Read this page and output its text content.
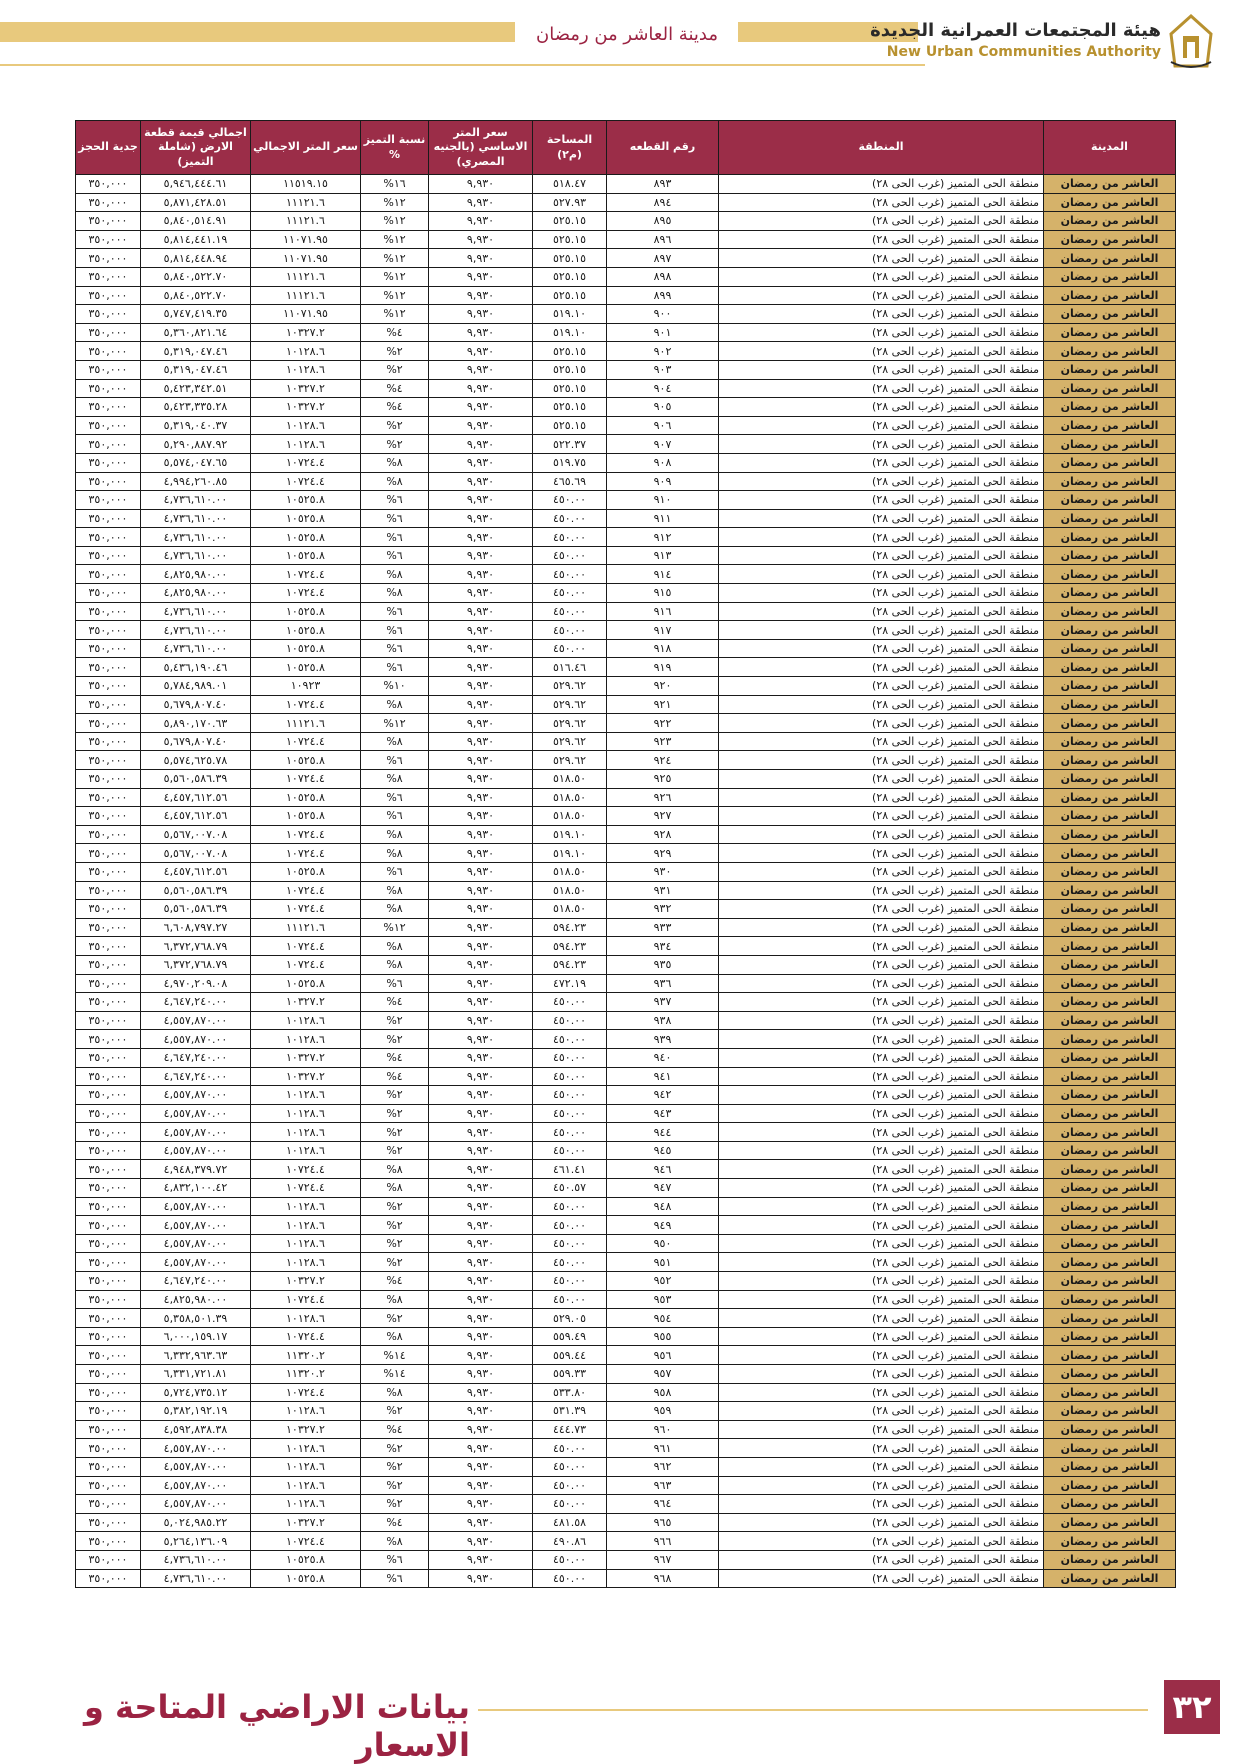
مدينة العاشر من رمضان	هيئة المجتمعات العمرانية الجديدة
New Urban Communities Authority
المدينة	المنطقة	رقم القطعه	المساحة (م٢)	سعر المتر الاساسي (بالجنيه المصري)	نسبة التميز %	سعر المتر الاجمالي	اجمالي قيمة قطعة الارض (شاملة التميز)	جدية الحجز
العاشر من رمضان	منطقة الحى المتميز (غرب الحى ٢٨)	٨٩٣	٥١٨.٤٧	٩,٩٣٠	١٦%	١١٥١٩.١٥	٥,٩٤٦,٤٤٤.٦١	٣٥٠,٠٠٠
العاشر من رمضان	منطقة الحى المتميز (غرب الحى ٢٨)	٨٩٤	٥٢٧.٩٣	٩,٩٣٠	١٢%	١١١٢١.٦	٥,٨٧١,٤٢٨.٥١	٣٥٠,٠٠٠
العاشر من رمضان	منطقة الحى المتميز (غرب الحى ٢٨)	٨٩٥	٥٢٥.١٥	٩,٩٣٠	١٢%	١١١٢١.٦	٥,٨٤٠,٥١٤.٩١	٣٥٠,٠٠٠
العاشر من رمضان	منطقة الحى المتميز (غرب الحى ٢٨)	٨٩٦	٥٢٥.١٥	٩,٩٣٠	١٢%	١١٠٧١.٩٥	٥,٨١٤,٤٤١.١٩	٣٥٠,٠٠٠
العاشر من رمضان	منطقة الحى المتميز (غرب الحى ٢٨)	٨٩٧	٥٢٥.١٥	٩,٩٣٠	١٢%	١١٠٧١.٩٥	٥,٨١٤,٤٤٨.٩٤	٣٥٠,٠٠٠
العاشر من رمضان	منطقة الحى المتميز (غرب الحى ٢٨)	٨٩٨	٥٢٥.١٥	٩,٩٣٠	١٢%	١١١٢١.٦	٥,٨٤٠,٥٢٢.٧٠	٣٥٠,٠٠٠
العاشر من رمضان	منطقة الحى المتميز (غرب الحى ٢٨)	٨٩٩	٥٢٥.١٥	٩,٩٣٠	١٢%	١١١٢١.٦	٥,٨٤٠,٥٢٢.٧٠	٣٥٠,٠٠٠
العاشر من رمضان	منطقة الحى المتميز (غرب الحى ٢٨)	٩٠٠	٥١٩.١٠	٩,٩٣٠	١٢%	١١٠٧١.٩٥	٥,٧٤٧,٤١٩.٣٥	٣٥٠,٠٠٠
العاشر من رمضان	منطقة الحى المتميز (غرب الحى ٢٨)	٩٠١	٥١٩.١٠	٩,٩٣٠	٤%	١٠٣٢٧.٢	٥,٣٦٠,٨٢١.٦٤	٣٥٠,٠٠٠
العاشر من رمضان	منطقة الحى المتميز (غرب الحى ٢٨)	٩٠٢	٥٢٥.١٥	٩,٩٣٠	٢%	١٠١٢٨.٦	٥,٣١٩,٠٤٧.٤٦	٣٥٠,٠٠٠
العاشر من رمضان	منطقة الحى المتميز (غرب الحى ٢٨)	٩٠٣	٥٢٥.١٥	٩,٩٣٠	٢%	١٠١٢٨.٦	٥,٣١٩,٠٤٧.٤٦	٣٥٠,٠٠٠
العاشر من رمضان	منطقة الحى المتميز (غرب الحى ٢٨)	٩٠٤	٥٢٥.١٥	٩,٩٣٠	٤%	١٠٣٢٧.٢	٥,٤٢٣,٣٤٢.٥١	٣٥٠,٠٠٠
العاشر من رمضان	منطقة الحى المتميز (غرب الحى ٢٨)	٩٠٥	٥٢٥.١٥	٩,٩٣٠	٤%	١٠٣٢٧.٢	٥,٤٢٣,٣٣٥.٢٨	٣٥٠,٠٠٠
العاشر من رمضان	منطقة الحى المتميز (غرب الحى ٢٨)	٩٠٦	٥٢٥.١٥	٩,٩٣٠	٢%	١٠١٢٨.٦	٥,٣١٩,٠٤٠.٣٧	٣٥٠,٠٠٠
العاشر من رمضان	منطقة الحى المتميز (غرب الحى ٢٨)	٩٠٧	٥٢٢.٣٧	٩,٩٣٠	٢%	١٠١٢٨.٦	٥,٢٩٠,٨٨٧.٩٢	٣٥٠,٠٠٠
العاشر من رمضان	منطقة الحى المتميز (غرب الحى ٢٨)	٩٠٨	٥١٩.٧٥	٩,٩٣٠	٨%	١٠٧٢٤.٤	٥,٥٧٤,٠٤٧.٦٥	٣٥٠,٠٠٠
العاشر من رمضان	منطقة الحى المتميز (غرب الحى ٢٨)	٩٠٩	٤٦٥.٦٩	٩,٩٣٠	٨%	١٠٧٢٤.٤	٤,٩٩٤,٢٦٠.٨٥	٣٥٠,٠٠٠
العاشر من رمضان	منطقة الحى المتميز (غرب الحى ٢٨)	٩١٠	٤٥٠.٠٠	٩,٩٣٠	٦%	١٠٥٢٥.٨	٤,٧٣٦,٦١٠.٠٠	٣٥٠,٠٠٠
العاشر من رمضان	منطقة الحى المتميز (غرب الحى ٢٨)	٩١١	٤٥٠.٠٠	٩,٩٣٠	٦%	١٠٥٢٥.٨	٤,٧٣٦,٦١٠.٠٠	٣٥٠,٠٠٠
العاشر من رمضان	منطقة الحى المتميز (غرب الحى ٢٨)	٩١٢	٤٥٠.٠٠	٩,٩٣٠	٦%	١٠٥٢٥.٨	٤,٧٣٦,٦١٠.٠٠	٣٥٠,٠٠٠
العاشر من رمضان	منطقة الحى المتميز (غرب الحى ٢٨)	٩١٣	٤٥٠.٠٠	٩,٩٣٠	٦%	١٠٥٢٥.٨	٤,٧٣٦,٦١٠.٠٠	٣٥٠,٠٠٠
العاشر من رمضان	منطقة الحى المتميز (غرب الحى ٢٨)	٩١٤	٤٥٠.٠٠	٩,٩٣٠	٨%	١٠٧٢٤.٤	٤,٨٢٥,٩٨٠.٠٠	٣٥٠,٠٠٠
العاشر من رمضان	منطقة الحى المتميز (غرب الحى ٢٨)	٩١٥	٤٥٠.٠٠	٩,٩٣٠	٨%	١٠٧٢٤.٤	٤,٨٢٥,٩٨٠.٠٠	٣٥٠,٠٠٠
العاشر من رمضان	منطقة الحى المتميز (غرب الحى ٢٨)	٩١٦	٤٥٠.٠٠	٩,٩٣٠	٦%	١٠٥٢٥.٨	٤,٧٣٦,٦١٠.٠٠	٣٥٠,٠٠٠
العاشر من رمضان	منطقة الحى المتميز (غرب الحى ٢٨)	٩١٧	٤٥٠.٠٠	٩,٩٣٠	٦%	١٠٥٢٥.٨	٤,٧٣٦,٦١٠.٠٠	٣٥٠,٠٠٠
العاشر من رمضان	منطقة الحى المتميز (غرب الحى ٢٨)	٩١٨	٤٥٠.٠٠	٩,٩٣٠	٦%	١٠٥٢٥.٨	٤,٧٣٦,٦١٠.٠٠	٣٥٠,٠٠٠
العاشر من رمضان	منطقة الحى المتميز (غرب الحى ٢٨)	٩١٩	٥١٦.٤٦	٩,٩٣٠	٦%	١٠٥٢٥.٨	٥,٤٣٦,١٩٠.٤٦	٣٥٠,٠٠٠
العاشر من رمضان	منطقة الحى المتميز (غرب الحى ٢٨)	٩٢٠	٥٢٩.٦٢	٩,٩٣٠	١٠%	١٠٩٢٣	٥,٧٨٤,٩٨٩.٠١	٣٥٠,٠٠٠
العاشر من رمضان	منطقة الحى المتميز (غرب الحى ٢٨)	٩٢١	٥٢٩.٦٢	٩,٩٣٠	٨%	١٠٧٢٤.٤	٥,٦٧٩,٨٠٧.٤٠	٣٥٠,٠٠٠
العاشر من رمضان	منطقة الحى المتميز (غرب الحى ٢٨)	٩٢٢	٥٢٩.٦٢	٩,٩٣٠	١٢%	١١١٢١.٦	٥,٨٩٠,١٧٠.٦٣	٣٥٠,٠٠٠
العاشر من رمضان	منطقة الحى المتميز (غرب الحى ٢٨)	٩٢٣	٥٢٩.٦٢	٩,٩٣٠	٨%	١٠٧٢٤.٤	٥,٦٧٩,٨٠٧.٤٠	٣٥٠,٠٠٠
العاشر من رمضان	منطقة الحى المتميز (غرب الحى ٢٨)	٩٢٤	٥٢٩.٦٢	٩,٩٣٠	٦%	١٠٥٢٥.٨	٥,٥٧٤,٦٢٥.٧٨	٣٥٠,٠٠٠
العاشر من رمضان	منطقة الحى المتميز (غرب الحى ٢٨)	٩٢٥	٥١٨.٥٠	٩,٩٣٠	٨%	١٠٧٢٤.٤	٥,٥٦٠,٥٨٦.٣٩	٣٥٠,٠٠٠
العاشر من رمضان	منطقة الحى المتميز (غرب الحى ٢٨)	٩٢٦	٥١٨.٥٠	٩,٩٣٠	٦%	١٠٥٢٥.٨	٤,٤٥٧,٦١٢.٥٦	٣٥٠,٠٠٠
العاشر من رمضان	منطقة الحى المتميز (غرب الحى ٢٨)	٩٢٧	٥١٨.٥٠	٩,٩٣٠	٦%	١٠٥٢٥.٨	٤,٤٥٧,٦١٢.٥٦	٣٥٠,٠٠٠
العاشر من رمضان	منطقة الحى المتميز (غرب الحى ٢٨)	٩٢٨	٥١٩.١٠	٩,٩٣٠	٨%	١٠٧٢٤.٤	٥,٥٦٧,٠٠٧.٠٨	٣٥٠,٠٠٠
العاشر من رمضان	منطقة الحى المتميز (غرب الحى ٢٨)	٩٢٩	٥١٩.١٠	٩,٩٣٠	٨%	١٠٧٢٤.٤	٥,٥٦٧,٠٠٧.٠٨	٣٥٠,٠٠٠
العاشر من رمضان	منطقة الحى المتميز (غرب الحى ٢٨)	٩٣٠	٥١٨.٥٠	٩,٩٣٠	٦%	١٠٥٢٥.٨	٤,٤٥٧,٦١٢.٥٦	٣٥٠,٠٠٠
العاشر من رمضان	منطقة الحى المتميز (غرب الحى ٢٨)	٩٣١	٥١٨.٥٠	٩,٩٣٠	٨%	١٠٧٢٤.٤	٥,٥٦٠,٥٨٦.٣٩	٣٥٠,٠٠٠
العاشر من رمضان	منطقة الحى المتميز (غرب الحى ٢٨)	٩٣٢	٥١٨.٥٠	٩,٩٣٠	٨%	١٠٧٢٤.٤	٥,٥٦٠,٥٨٦.٣٩	٣٥٠,٠٠٠
العاشر من رمضان	منطقة الحى المتميز (غرب الحى ٢٨)	٩٣٣	٥٩٤.٢٣	٩,٩٣٠	١٢%	١١١٢١.٦	٦,٦٠٨,٧٩٧.٢٧	٣٥٠,٠٠٠
العاشر من رمضان	منطقة الحى المتميز (غرب الحى ٢٨)	٩٣٤	٥٩٤.٢٣	٩,٩٣٠	٨%	١٠٧٢٤.٤	٦,٣٧٢,٧٦٨.٧٩	٣٥٠,٠٠٠
العاشر من رمضان	منطقة الحى المتميز (غرب الحى ٢٨)	٩٣٥	٥٩٤.٢٣	٩,٩٣٠	٨%	١٠٧٢٤.٤	٦,٣٧٢,٧٦٨.٧٩	٣٥٠,٠٠٠
العاشر من رمضان	منطقة الحى المتميز (غرب الحى ٢٨)	٩٣٦	٤٧٢.١٩	٩,٩٣٠	٦%	١٠٥٢٥.٨	٤,٩٧٠,٢٠٩.٠٨	٣٥٠,٠٠٠
العاشر من رمضان	منطقة الحى المتميز (غرب الحى ٢٨)	٩٣٧	٤٥٠.٠٠	٩,٩٣٠	٤%	١٠٣٢٧.٢	٤,٦٤٧,٢٤٠.٠٠	٣٥٠,٠٠٠
العاشر من رمضان	منطقة الحى المتميز (غرب الحى ٢٨)	٩٣٨	٤٥٠.٠٠	٩,٩٣٠	٢%	١٠١٢٨.٦	٤,٥٥٧,٨٧٠.٠٠	٣٥٠,٠٠٠
العاشر من رمضان	منطقة الحى المتميز (غرب الحى ٢٨)	٩٣٩	٤٥٠.٠٠	٩,٩٣٠	٢%	١٠١٢٨.٦	٤,٥٥٧,٨٧٠.٠٠	٣٥٠,٠٠٠
العاشر من رمضان	منطقة الحى المتميز (غرب الحى ٢٨)	٩٤٠	٤٥٠.٠٠	٩,٩٣٠	٤%	١٠٣٢٧.٢	٤,٦٤٧,٢٤٠.٠٠	٣٥٠,٠٠٠
العاشر من رمضان	منطقة الحى المتميز (غرب الحى ٢٨)	٩٤١	٤٥٠.٠٠	٩,٩٣٠	٤%	١٠٣٢٧.٢	٤,٦٤٧,٢٤٠.٠٠	٣٥٠,٠٠٠
العاشر من رمضان	منطقة الحى المتميز (غرب الحى ٢٨)	٩٤٢	٤٥٠.٠٠	٩,٩٣٠	٢%	١٠١٢٨.٦	٤,٥٥٧,٨٧٠.٠٠	٣٥٠,٠٠٠
العاشر من رمضان	منطقة الحى المتميز (غرب الحى ٢٨)	٩٤٣	٤٥٠.٠٠	٩,٩٣٠	٢%	١٠١٢٨.٦	٤,٥٥٧,٨٧٠.٠٠	٣٥٠,٠٠٠
العاشر من رمضان	منطقة الحى المتميز (غرب الحى ٢٨)	٩٤٤	٤٥٠.٠٠	٩,٩٣٠	٢%	١٠١٢٨.٦	٤,٥٥٧,٨٧٠.٠٠	٣٥٠,٠٠٠
العاشر من رمضان	منطقة الحى المتميز (غرب الحى ٢٨)	٩٤٥	٤٥٠.٠٠	٩,٩٣٠	٢%	١٠١٢٨.٦	٤,٥٥٧,٨٧٠.٠٠	٣٥٠,٠٠٠
العاشر من رمضان	منطقة الحى المتميز (غرب الحى ٢٨)	٩٤٦	٤٦١.٤١	٩,٩٣٠	٨%	١٠٧٢٤.٤	٤,٩٤٨,٣٧٩.٧٢	٣٥٠,٠٠٠
العاشر من رمضان	منطقة الحى المتميز (غرب الحى ٢٨)	٩٤٧	٤٥٠.٥٧	٩,٩٣٠	٨%	١٠٧٢٤.٤	٤,٨٣٢,١٠٠.٤٢	٣٥٠,٠٠٠
العاشر من رمضان	منطقة الحى المتميز (غرب الحى ٢٨)	٩٤٨	٤٥٠.٠٠	٩,٩٣٠	٢%	١٠١٢٨.٦	٤,٥٥٧,٨٧٠.٠٠	٣٥٠,٠٠٠
العاشر من رمضان	منطقة الحى المتميز (غرب الحى ٢٨)	٩٤٩	٤٥٠.٠٠	٩,٩٣٠	٢%	١٠١٢٨.٦	٤,٥٥٧,٨٧٠.٠٠	٣٥٠,٠٠٠
العاشر من رمضان	منطقة الحى المتميز (غرب الحى ٢٨)	٩٥٠	٤٥٠.٠٠	٩,٩٣٠	٢%	١٠١٢٨.٦	٤,٥٥٧,٨٧٠.٠٠	٣٥٠,٠٠٠
العاشر من رمضان	منطقة الحى المتميز (غرب الحى ٢٨)	٩٥١	٤٥٠.٠٠	٩,٩٣٠	٢%	١٠١٢٨.٦	٤,٥٥٧,٨٧٠.٠٠	٣٥٠,٠٠٠
العاشر من رمضان	منطقة الحى المتميز (غرب الحى ٢٨)	٩٥٢	٤٥٠.٠٠	٩,٩٣٠	٤%	١٠٣٢٧.٢	٤,٦٤٧,٢٤٠.٠٠	٣٥٠,٠٠٠
العاشر من رمضان	منطقة الحى المتميز (غرب الحى ٢٨)	٩٥٣	٤٥٠.٠٠	٩,٩٣٠	٨%	١٠٧٢٤.٤	٤,٨٢٥,٩٨٠.٠٠	٣٥٠,٠٠٠
العاشر من رمضان	منطقة الحى المتميز (غرب الحى ٢٨)	٩٥٤	٥٢٩.٠٥	٩,٩٣٠	٢%	١٠١٢٨.٦	٥,٣٥٨,٥٠١.٣٩	٣٥٠,٠٠٠
العاشر من رمضان	منطقة الحى المتميز (غرب الحى ٢٨)	٩٥٥	٥٥٩.٤٩	٩,٩٣٠	٨%	١٠٧٢٤.٤	٦,٠٠٠,١٥٩.١٧	٣٥٠,٠٠٠
العاشر من رمضان	منطقة الحى المتميز (غرب الحى ٢٨)	٩٥٦	٥٥٩.٤٤	٩,٩٣٠	١٤%	١١٣٢٠.٢	٦,٣٣٢,٩٦٣.٦٣	٣٥٠,٠٠٠
العاشر من رمضان	منطقة الحى المتميز (غرب الحى ٢٨)	٩٥٧	٥٥٩.٣٣	٩,٩٣٠	١٤%	١١٣٢٠.٢	٦,٣٣١,٧٢١.٨١	٣٥٠,٠٠٠
العاشر من رمضان	منطقة الحى المتميز (غرب الحى ٢٨)	٩٥٨	٥٣٣.٨٠	٩,٩٣٠	٨%	١٠٧٢٤.٤	٥,٧٢٤,٧٣٥.١٢	٣٥٠,٠٠٠
العاشر من رمضان	منطقة الحى المتميز (غرب الحى ٢٨)	٩٥٩	٥٣١.٣٩	٩,٩٣٠	٢%	١٠١٢٨.٦	٥,٣٨٢,١٩٢.١٩	٣٥٠,٠٠٠
العاشر من رمضان	منطقة الحى المتميز (غرب الحى ٢٨)	٩٦٠	٤٤٤.٧٣	٩,٩٣٠	٤%	١٠٣٢٧.٢	٤,٥٩٢,٨٣٨.٣٨	٣٥٠,٠٠٠
العاشر من رمضان	منطقة الحى المتميز (غرب الحى ٢٨)	٩٦١	٤٥٠.٠٠	٩,٩٣٠	٢%	١٠١٢٨.٦	٤,٥٥٧,٨٧٠.٠٠	٣٥٠,٠٠٠
العاشر من رمضان	منطقة الحى المتميز (غرب الحى ٢٨)	٩٦٢	٤٥٠.٠٠	٩,٩٣٠	٢%	١٠١٢٨.٦	٤,٥٥٧,٨٧٠.٠٠	٣٥٠,٠٠٠
العاشر من رمضان	منطقة الحى المتميز (غرب الحى ٢٨)	٩٦٣	٤٥٠.٠٠	٩,٩٣٠	٢%	١٠١٢٨.٦	٤,٥٥٧,٨٧٠.٠٠	٣٥٠,٠٠٠
العاشر من رمضان	منطقة الحى المتميز (غرب الحى ٢٨)	٩٦٤	٤٥٠.٠٠	٩,٩٣٠	٢%	١٠١٢٨.٦	٤,٥٥٧,٨٧٠.٠٠	٣٥٠,٠٠٠
العاشر من رمضان	منطقة الحى المتميز (غرب الحى ٢٨)	٩٦٥	٤٨١.٥٨	٩,٩٣٠	٤%	١٠٣٢٧.٢	٥,٠٢٤,٩٨٥.٢٢	٣٥٠,٠٠٠
العاشر من رمضان	منطقة الحى المتميز (غرب الحى ٢٨)	٩٦٦	٤٩٠.٨٦	٩,٩٣٠	٨%	١٠٧٢٤.٤	٥,٢٦٤,١٣٦.٠٩	٣٥٠,٠٠٠
العاشر من رمضان	منطقة الحى المتميز (غرب الحى ٢٨)	٩٦٧	٤٥٠.٠٠	٩,٩٣٠	٦%	١٠٥٢٥.٨	٤,٧٣٦,٦١٠.٠٠	٣٥٠,٠٠٠
العاشر من رمضان	منطقة الحى المتميز (غرب الحى ٢٨)	٩٦٨	٤٥٠.٠٠	٩,٩٣٠	٦%	١٠٥٢٥.٨	٤,٧٣٦,٦١٠.٠٠	٣٥٠,٠٠٠
بيانات الاراضي المتاحة و الاسعار
٣٢
